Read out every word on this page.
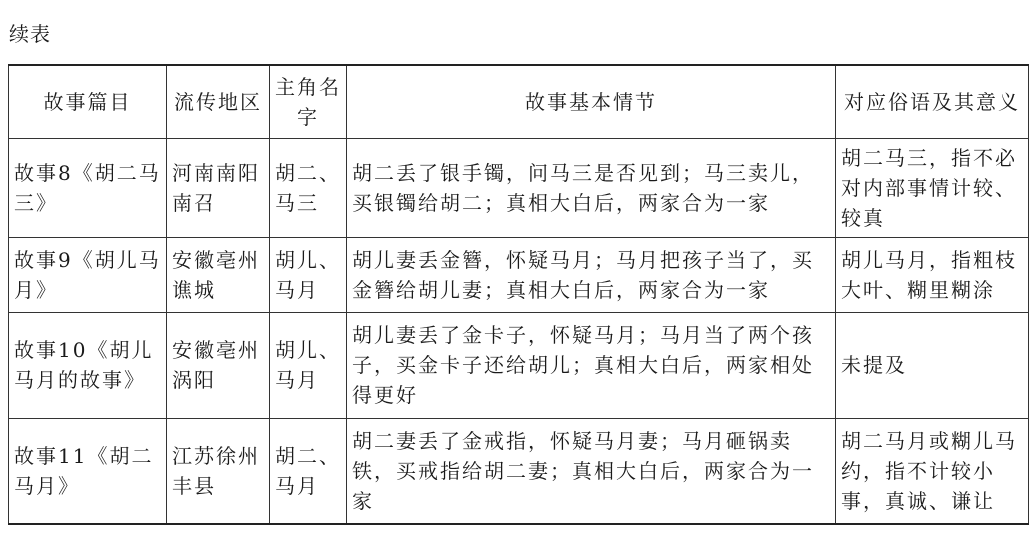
续表
故事篇目	流传地区	主角名字	故事基本情节	对应俗语及其意义
故事8《胡二马三》	河南南阳南召	胡二、马三	胡二丢了银手镯，问马三是否见到；马三卖儿，买银镯给胡二；真相大白后，两家合为一家	胡二马三，指不必对内部事情计较、较真
故事9《胡儿马月》	安徽亳州谯城	胡儿、马月	胡儿妻丢金簪，怀疑马月；马月把孩子当了，买金簪给胡儿妻；真相大白后，两家合为一家	胡儿马月，指粗枝大叶、糊里糊涂
故事10《胡儿马月的故事》	安徽亳州涡阳	胡儿、马月	胡儿妻丢了金卡子，怀疑马月；马月当了两个孩子，买金卡子还给胡儿；真相大白后，两家相处得更好	未提及
故事11《胡二马月》	江苏徐州丰县	胡二、马月	胡二妻丢了金戒指，怀疑马月妻；马月砸锅卖铁，买戒指给胡二妻；真相大白后，两家合为一家	胡二马月或糊儿马约，指不计较小事，真诚、谦让
